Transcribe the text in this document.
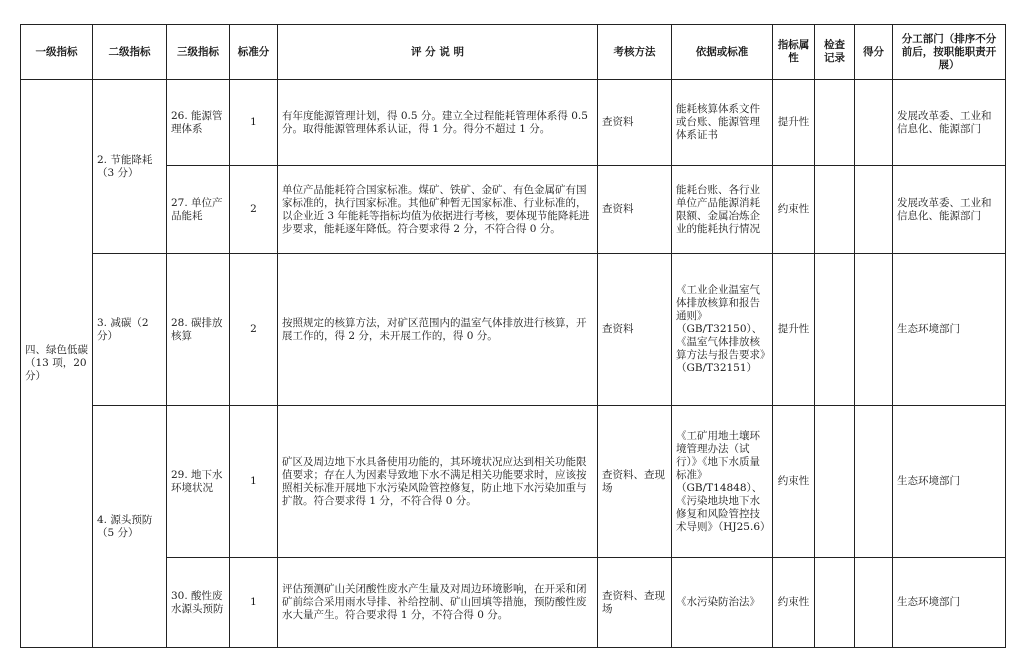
一级指标	二级指标	三级指标	标准分	评 分 说 明	考核方法	依据或标准	指标属性	检查记录	得分	分工部门（排序不分前后，按职能职责开展）
四、绿色低碳（13 项，20 分）	2. 节能降耗（3 分）	26. 能源管理体系	1	有年度能源管理计划，得 0.5 分。建立全过程能耗管理体系得 0.5 分。取得能源管理体系认证，得 1 分。得分不超过 1 分。	查资料	能耗核算体系文件或台账、能源管理体系证书	提升性			发展改革委、工业和信息化、能源部门
		27. 单位产品能耗	2	单位产品能耗符合国家标准。煤矿、铁矿、金矿、有色金属矿有国家标准的，执行国家标准。其他矿种暂无国家标准、行业标准的，以企业近 3 年能耗等指标均值为依据进行考核，要体现节能降耗进步要求，能耗逐年降低。符合要求得 2 分，不符合得 0 分。	查资料	能耗台账、各行业单位产品能源消耗限额、金属冶炼企业的能耗执行情况	约束性			发展改革委、工业和信息化、能源部门
	3. 减碳（2 分）	28. 碳排放核算	2	按照规定的核算方法，对矿区范围内的温室气体排放进行核算，开展工作的，得 2 分，未开展工作的，得 0 分。	查资料	《工业企业温室气体排放核算和报告通则》（GB/T32150）、《温室气体排放核算方法与报告要求》（GB/T32151）	提升性			生态环境部门
	4. 源头预防（5 分）	29. 地下水环境状况	1	矿区及周边地下水具备使用功能的，其环境状况应达到相关功能限值要求；存在人为因素导致地下水不满足相关功能要求时，应该按照相关标准开展地下水污染风险管控修复，防止地下水污染加重与扩散。符合要求得 1 分，不符合得 0 分。	查资料、查现场	《工矿用地土壤环境管理办法（试行）》《地下水质量标准》（GB/T14848）、《污染地块地下水修复和风险管控技术导则》（HJ25.6）	约束性			生态环境部门
		30. 酸性废水源头预防	1	评估预测矿山关闭酸性废水产生量及对周边环境影响，在开采和闭矿前综合采用雨水导排、补给控制、矿山回填等措施，预防酸性废水大量产生。符合要求得 1 分，不符合得 0 分。	查资料、查现场	《水污染防治法》	约束性			生态环境部门
